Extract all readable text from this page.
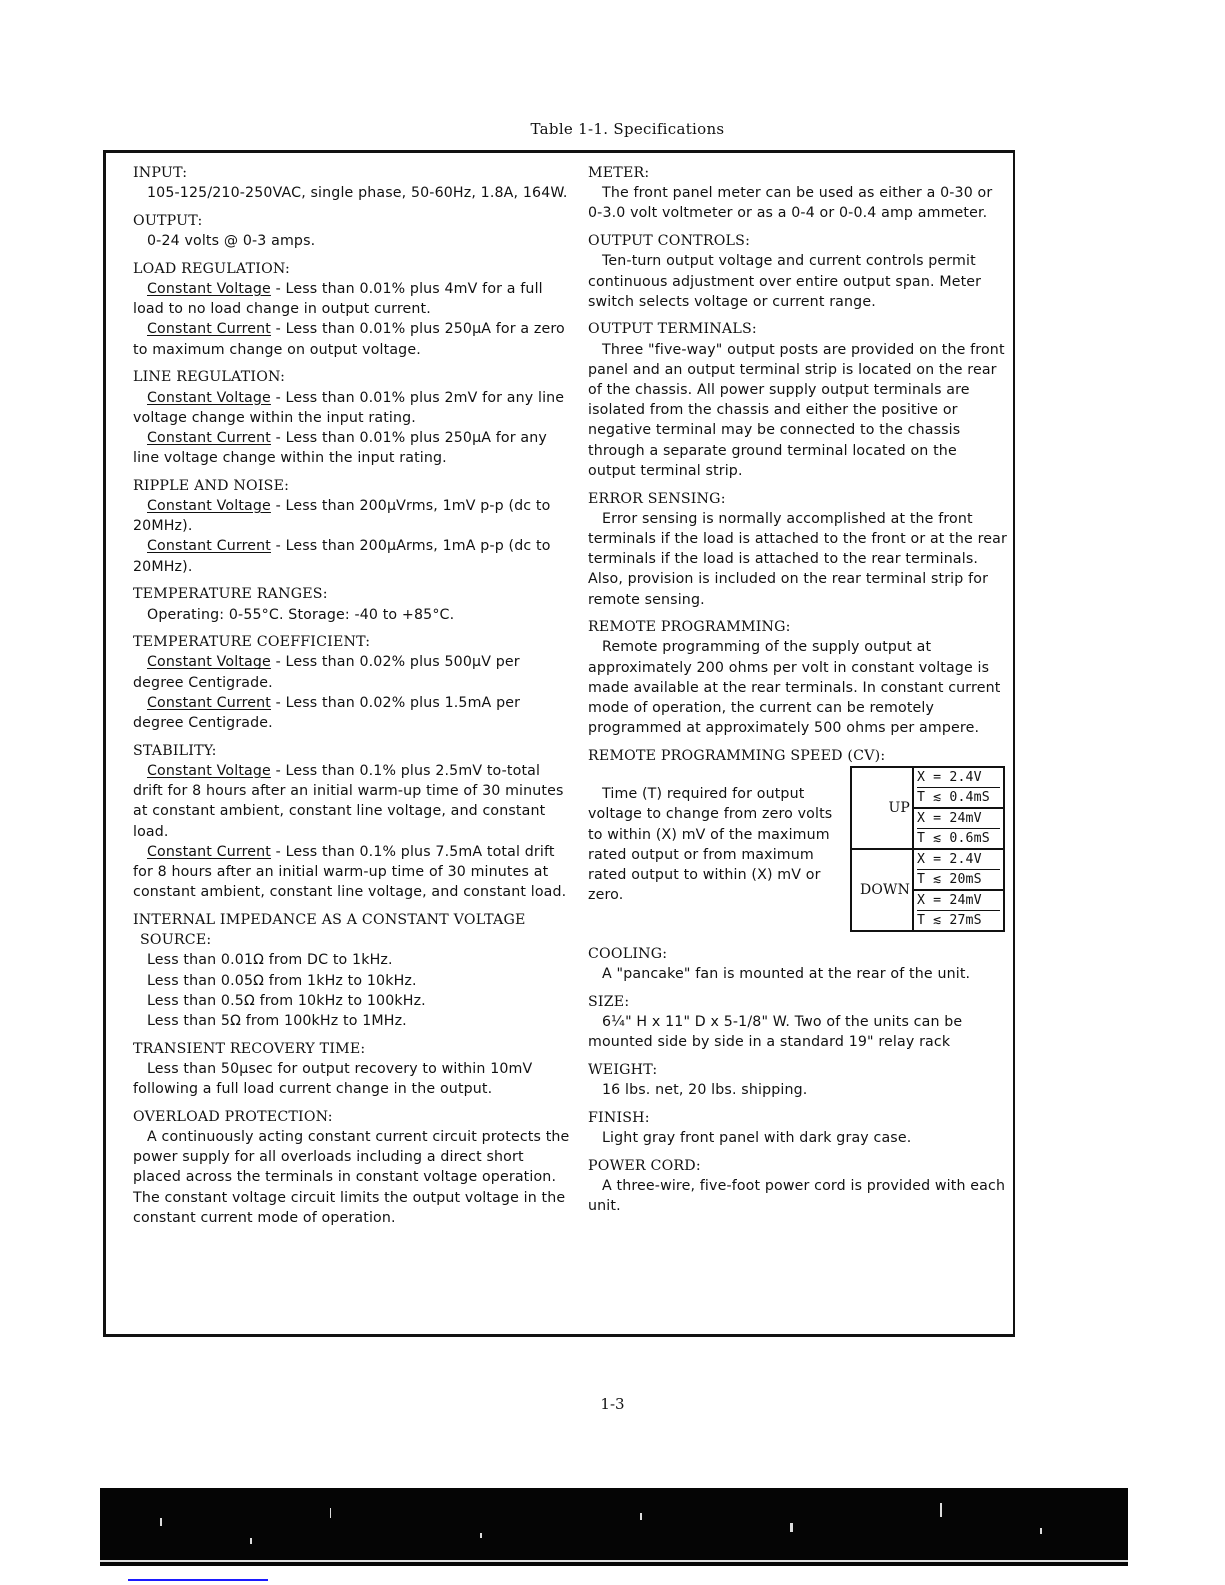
Table 1-1. Specifications
INPUT:
105-125/210-250VAC, single phase, 50-60Hz, 1.8A, 164W.
OUTPUT:
0-24 volts @ 0-3 amps.
LOAD REGULATION:
Constant Voltage - Less than 0.01% plus 4mV for a full load to no load change in output current.
Constant Current - Less than 0.01% plus 250µA for a zero to maximum change on output voltage.
LINE REGULATION:
Constant Voltage - Less than 0.01% plus 2mV for any line voltage change within the input rating.
Constant Current - Less than 0.01% plus 250µA for any line voltage change within the input rating.
RIPPLE AND NOISE:
Constant Voltage - Less than 200µVrms, 1mV p-p (dc to 20MHz).
Constant Current - Less than 200µArms, 1mA p-p (dc to 20MHz).
TEMPERATURE RANGES:
Operating: 0-55°C. Storage: -40 to +85°C.
TEMPERATURE COEFFICIENT:
Constant Voltage - Less than 0.02% plus 500µV per degree Centigrade.
Constant Current - Less than 0.02% plus 1.5mA per degree Centigrade.
STABILITY:
Constant Voltage - Less than 0.1% plus 2.5mV to-total drift for 8 hours after an initial warm-up time of 30 minutes at constant ambient, constant line voltage, and constant load.
Constant Current - Less than 0.1% plus 7.5mA total drift for 8 hours after an initial warm-up time of 30 minutes at constant ambient, constant line voltage, and constant load.
INTERNAL IMPEDANCE AS A CONSTANT VOLTAGE
SOURCE:
Less than 0.01Ω from DC to 1kHz.
Less than 0.05Ω from 1kHz to 10kHz.
Less than 0.5Ω from 10kHz to 100kHz.
Less than 5Ω from 100kHz to 1MHz.
TRANSIENT RECOVERY TIME:
Less than 50µsec for output recovery to within 10mV following a full load current change in the output.
OVERLOAD PROTECTION:
A continuously acting constant current circuit protects the power supply for all overloads including a direct short placed across the terminals in constant voltage operation. The constant voltage circuit limits the output voltage in the constant current mode of operation.
METER:
The front panel meter can be used as either a 0-30 or 0-3.0 volt voltmeter or as a 0-4 or 0-0.4 amp ammeter.
OUTPUT CONTROLS:
Ten-turn output voltage and current controls permit continuous adjustment over entire output span. Meter switch selects voltage or current range.
OUTPUT TERMINALS:
Three "five-way" output posts are provided on the front panel and an output terminal strip is located on the rear of the chassis. All power supply output terminals are isolated from the chassis and either the positive or negative terminal may be connected to the chassis through a separate ground terminal located on the output terminal strip.
ERROR SENSING:
Error sensing is normally accomplished at the front terminals if the load is attached to the front or at the rear terminals if the load is attached to the rear terminals. Also, provision is included on the rear terminal strip for remote sensing.
REMOTE PROGRAMMING:
Remote programming of the supply output at approximately 200 ohms per volt in constant voltage is made available at the rear terminals. In constant current mode of operation, the current can be remotely programmed at approximately 500 ohms per ampere.
REMOTE PROGRAMMING SPEED (CV):
Time (T) required for output voltage to change from zero volts to within (X) mV of the maximum rated output or from maximum rated output to within (X) mV or zero.
UP	X = 2.4V
T ≲ 0.4mS

	X = 24mV
T ≲ 0.6mS

DOWN	X = 2.4V
T ≲ 20mS

	X = 24mV
T ≲ 27mS
COOLING:
A "pancake" fan is mounted at the rear of the unit.
SIZE:
6¼" H x 11" D x 5-1/8" W. Two of the units can be mounted side by side in a standard 19" relay rack
WEIGHT:
16 lbs. net, 20 lbs. shipping.
FINISH:
Light gray front panel with dark gray case.
POWER CORD:
A three-wire, five-foot power cord is provided with each unit.
1-3
